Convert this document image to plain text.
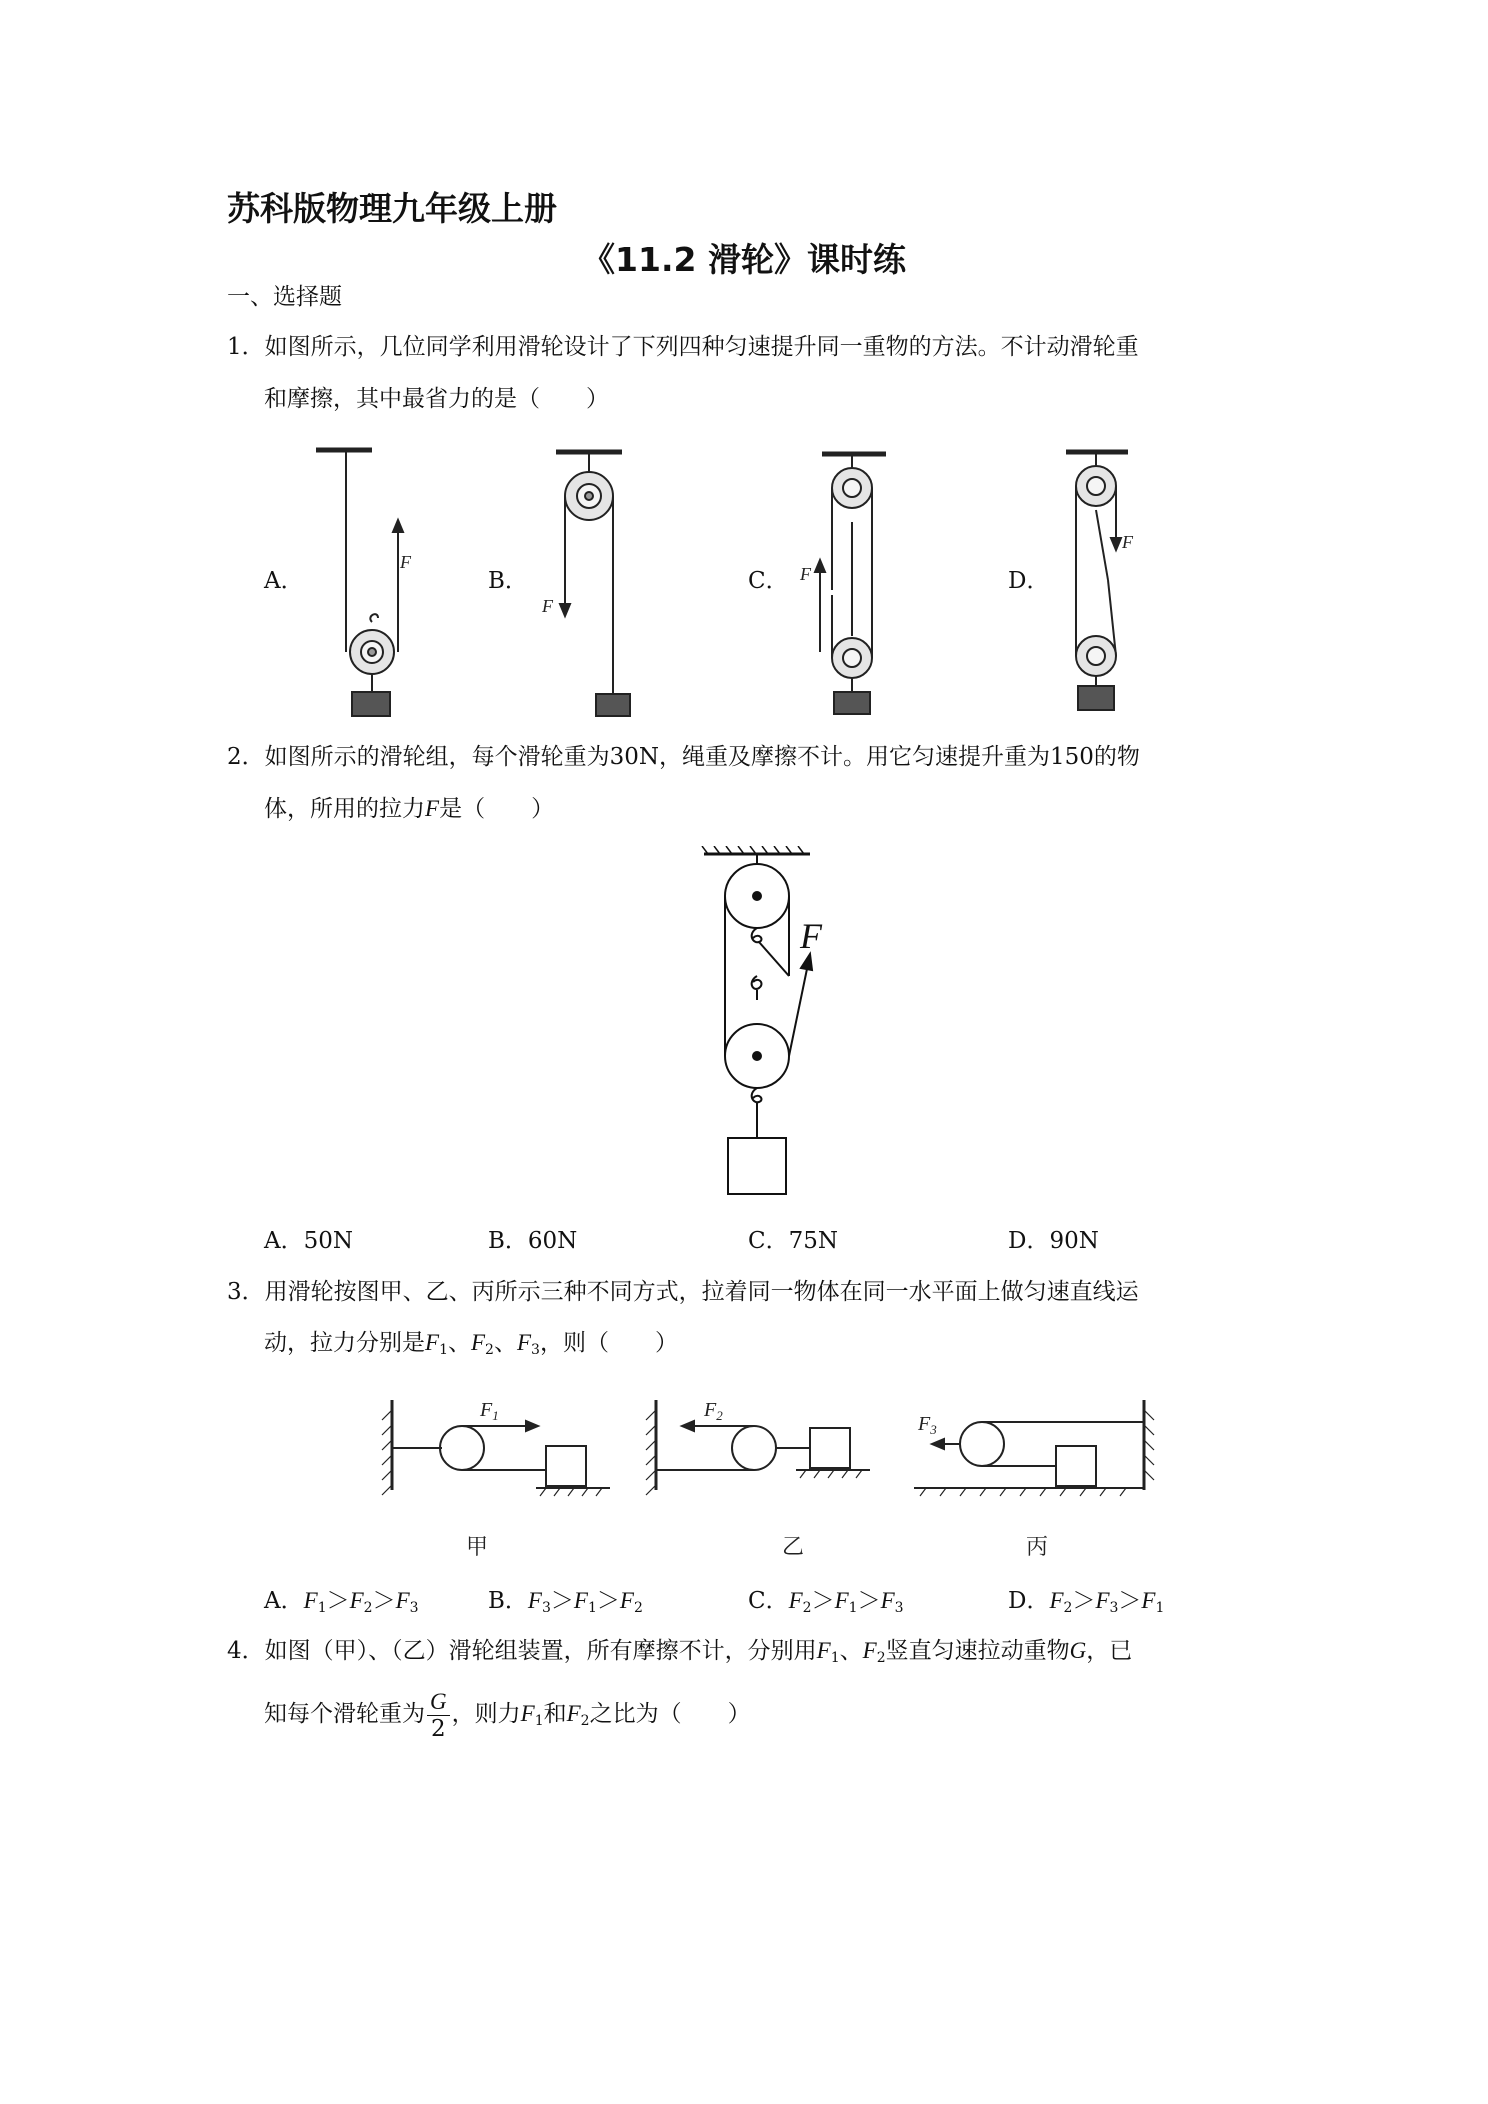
苏科版物理九年级上册
《11.2 滑轮》课时练
一、选择题
1．如图所示，几位同学利用滑轮设计了下列四种匀速提升同一重物的方法。不计动滑轮重
和摩擦，其中最省力的是（　　）
A．	B．	C．	D．
F
F
F
F
2．如图所示的滑轮组，每个滑轮重为30N，绳重及摩擦不计。用它匀速提升重为150的物
体，所用的拉力F是（　　）
F
A．50N	B．60N	C．75N	D．90N
3．用滑轮按图甲、乙、丙所示三种不同方式，拉着同一物体在同一水平面上做匀速直线运
动，拉力分别是$F_1$、$F_2$、$F_3$，则（　　）
$F_1$	$F_2$	$F_3$
甲	乙	丙
A．$F_1>F_2>F_3$	B．$F_3>F_1>F_2$	C．$F_2>F_1>F_3$	D．$F_2>F_3>F_1$
4．如图（甲）、（乙）滑轮组装置，所有摩擦不计，分别用$F_1$、$F_2$竖直匀速拉动重物G，已
知每个滑轮重为 $\frac{G}{2}$ ，则力$F_1$和$F_2$之比为（　　）
